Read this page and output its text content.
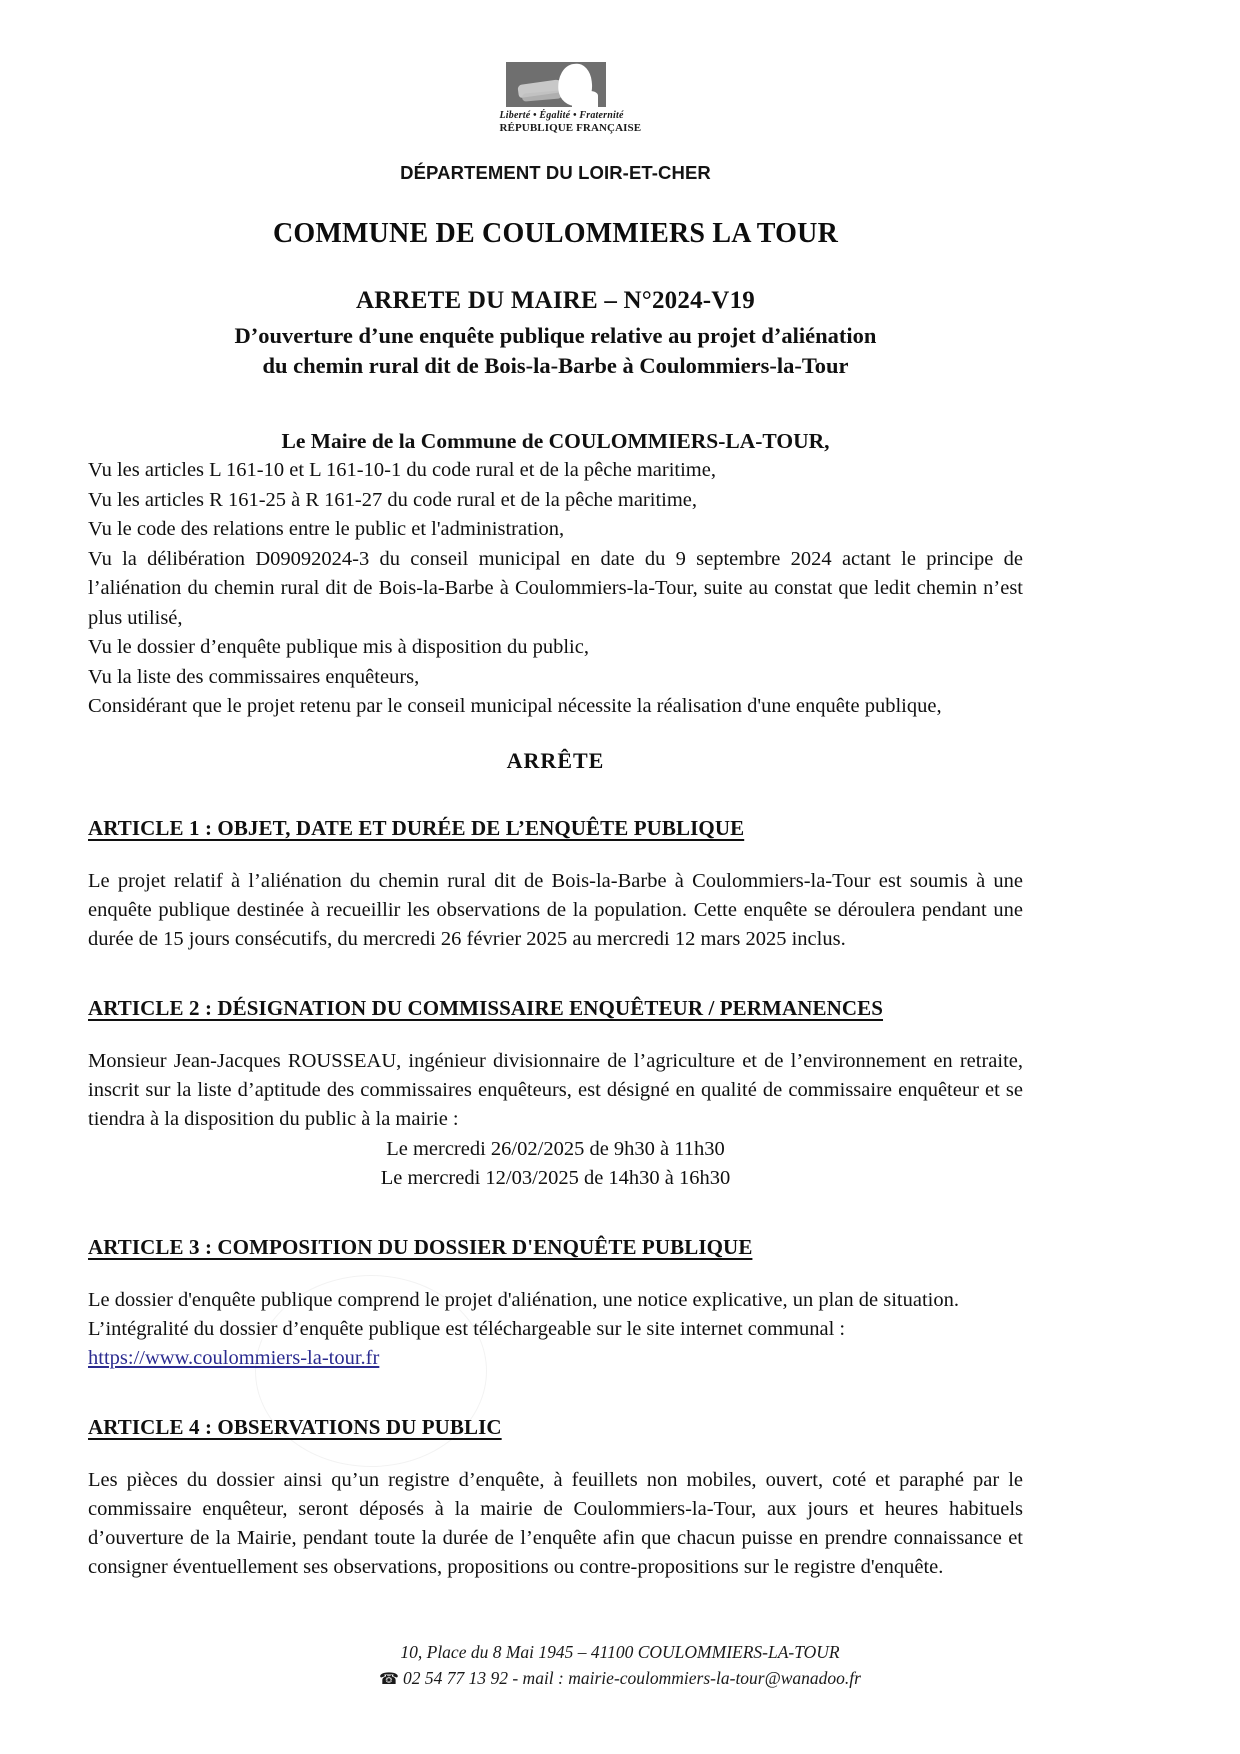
Liberté • Égalité • Fraternité
RÉPUBLIQUE FRANÇAISE
DÉPARTEMENT DU LOIR-ET-CHER
COMMUNE DE COULOMMIERS LA TOUR
ARRETE DU MAIRE – N°2024-V19
D’ouverture d’une enquête publique relative au projet d’aliénation
du chemin rural dit de Bois-la-Barbe à Coulommiers-la-Tour
Le Maire de la Commune de COULOMMIERS-LA-TOUR,

Vu les articles L 161-10 et L 161-10-1 du code rural et de la pêche maritime,

Vu les articles R 161-25 à R 161-27 du code rural et de la pêche maritime,

Vu le code des relations entre le public et l'administration,

Vu la délibération D09092024-3 du conseil municipal en date du 9 septembre 2024 actant le principe de l’aliénation du chemin rural dit de Bois-la-Barbe à Coulommiers-la-Tour, suite au constat que ledit chemin n’est plus utilisé,

Vu le dossier d’enquête publique mis à disposition du public,

Vu la liste des commissaires enquêteurs,

Considérant que le projet retenu par le conseil municipal nécessite la réalisation d'une enquête publique,

ARRÊTE
ARTICLE 1 : OBJET, DATE ET DURÉE DE L’ENQUÊTE PUBLIQUE

Le projet relatif à l’aliénation du chemin rural dit de Bois-la-Barbe à Coulommiers-la-Tour est soumis à une enquête publique destinée à recueillir les observations de la population. Cette enquête se déroulera pendant une durée de 15 jours consécutifs, du mercredi 26 février 2025 au mercredi 12 mars 2025 inclus.

ARTICLE 2 : DÉSIGNATION DU COMMISSAIRE ENQUÊTEUR / PERMANENCES

Monsieur Jean-Jacques ROUSSEAU, ingénieur divisionnaire de l’agriculture et de l’environnement en retraite, inscrit sur la liste d’aptitude des commissaires enquêteurs, est désigné en qualité de commissaire enquêteur et se tiendra à la disposition du public à la mairie :

Le mercredi 26/02/2025 de 9h30 à 11h30

Le mercredi 12/03/2025 de 14h30 à 16h30

ARTICLE 3 : COMPOSITION DU DOSSIER D'ENQUÊTE PUBLIQUE

Le dossier d'enquête publique comprend le projet d'aliénation, une notice explicative, un plan de situation.

L’intégralité du dossier d’enquête publique est téléchargeable sur le site internet communal :

https://www.coulommiers-la-tour.fr

ARTICLE 4 : OBSERVATIONS DU PUBLIC

Les pièces du dossier ainsi qu’un registre d’enquête, à feuillets non mobiles, ouvert, coté et paraphé par le commissaire enquêteur, seront déposés à la mairie de Coulommiers-la-Tour, aux jours et heures habituels d’ouverture de la Mairie, pendant toute la durée de l’enquête afin que chacun puisse en prendre connaissance et consigner éventuellement ses observations, propositions ou contre-propositions sur le registre d'enquête.

10, Place du 8 Mai 1945 – 41100 COULOMMIERS-LA-TOUR
☎ 02 54 77 13 92 - mail : mairie-coulommiers-la-tour@wanadoo.fr
